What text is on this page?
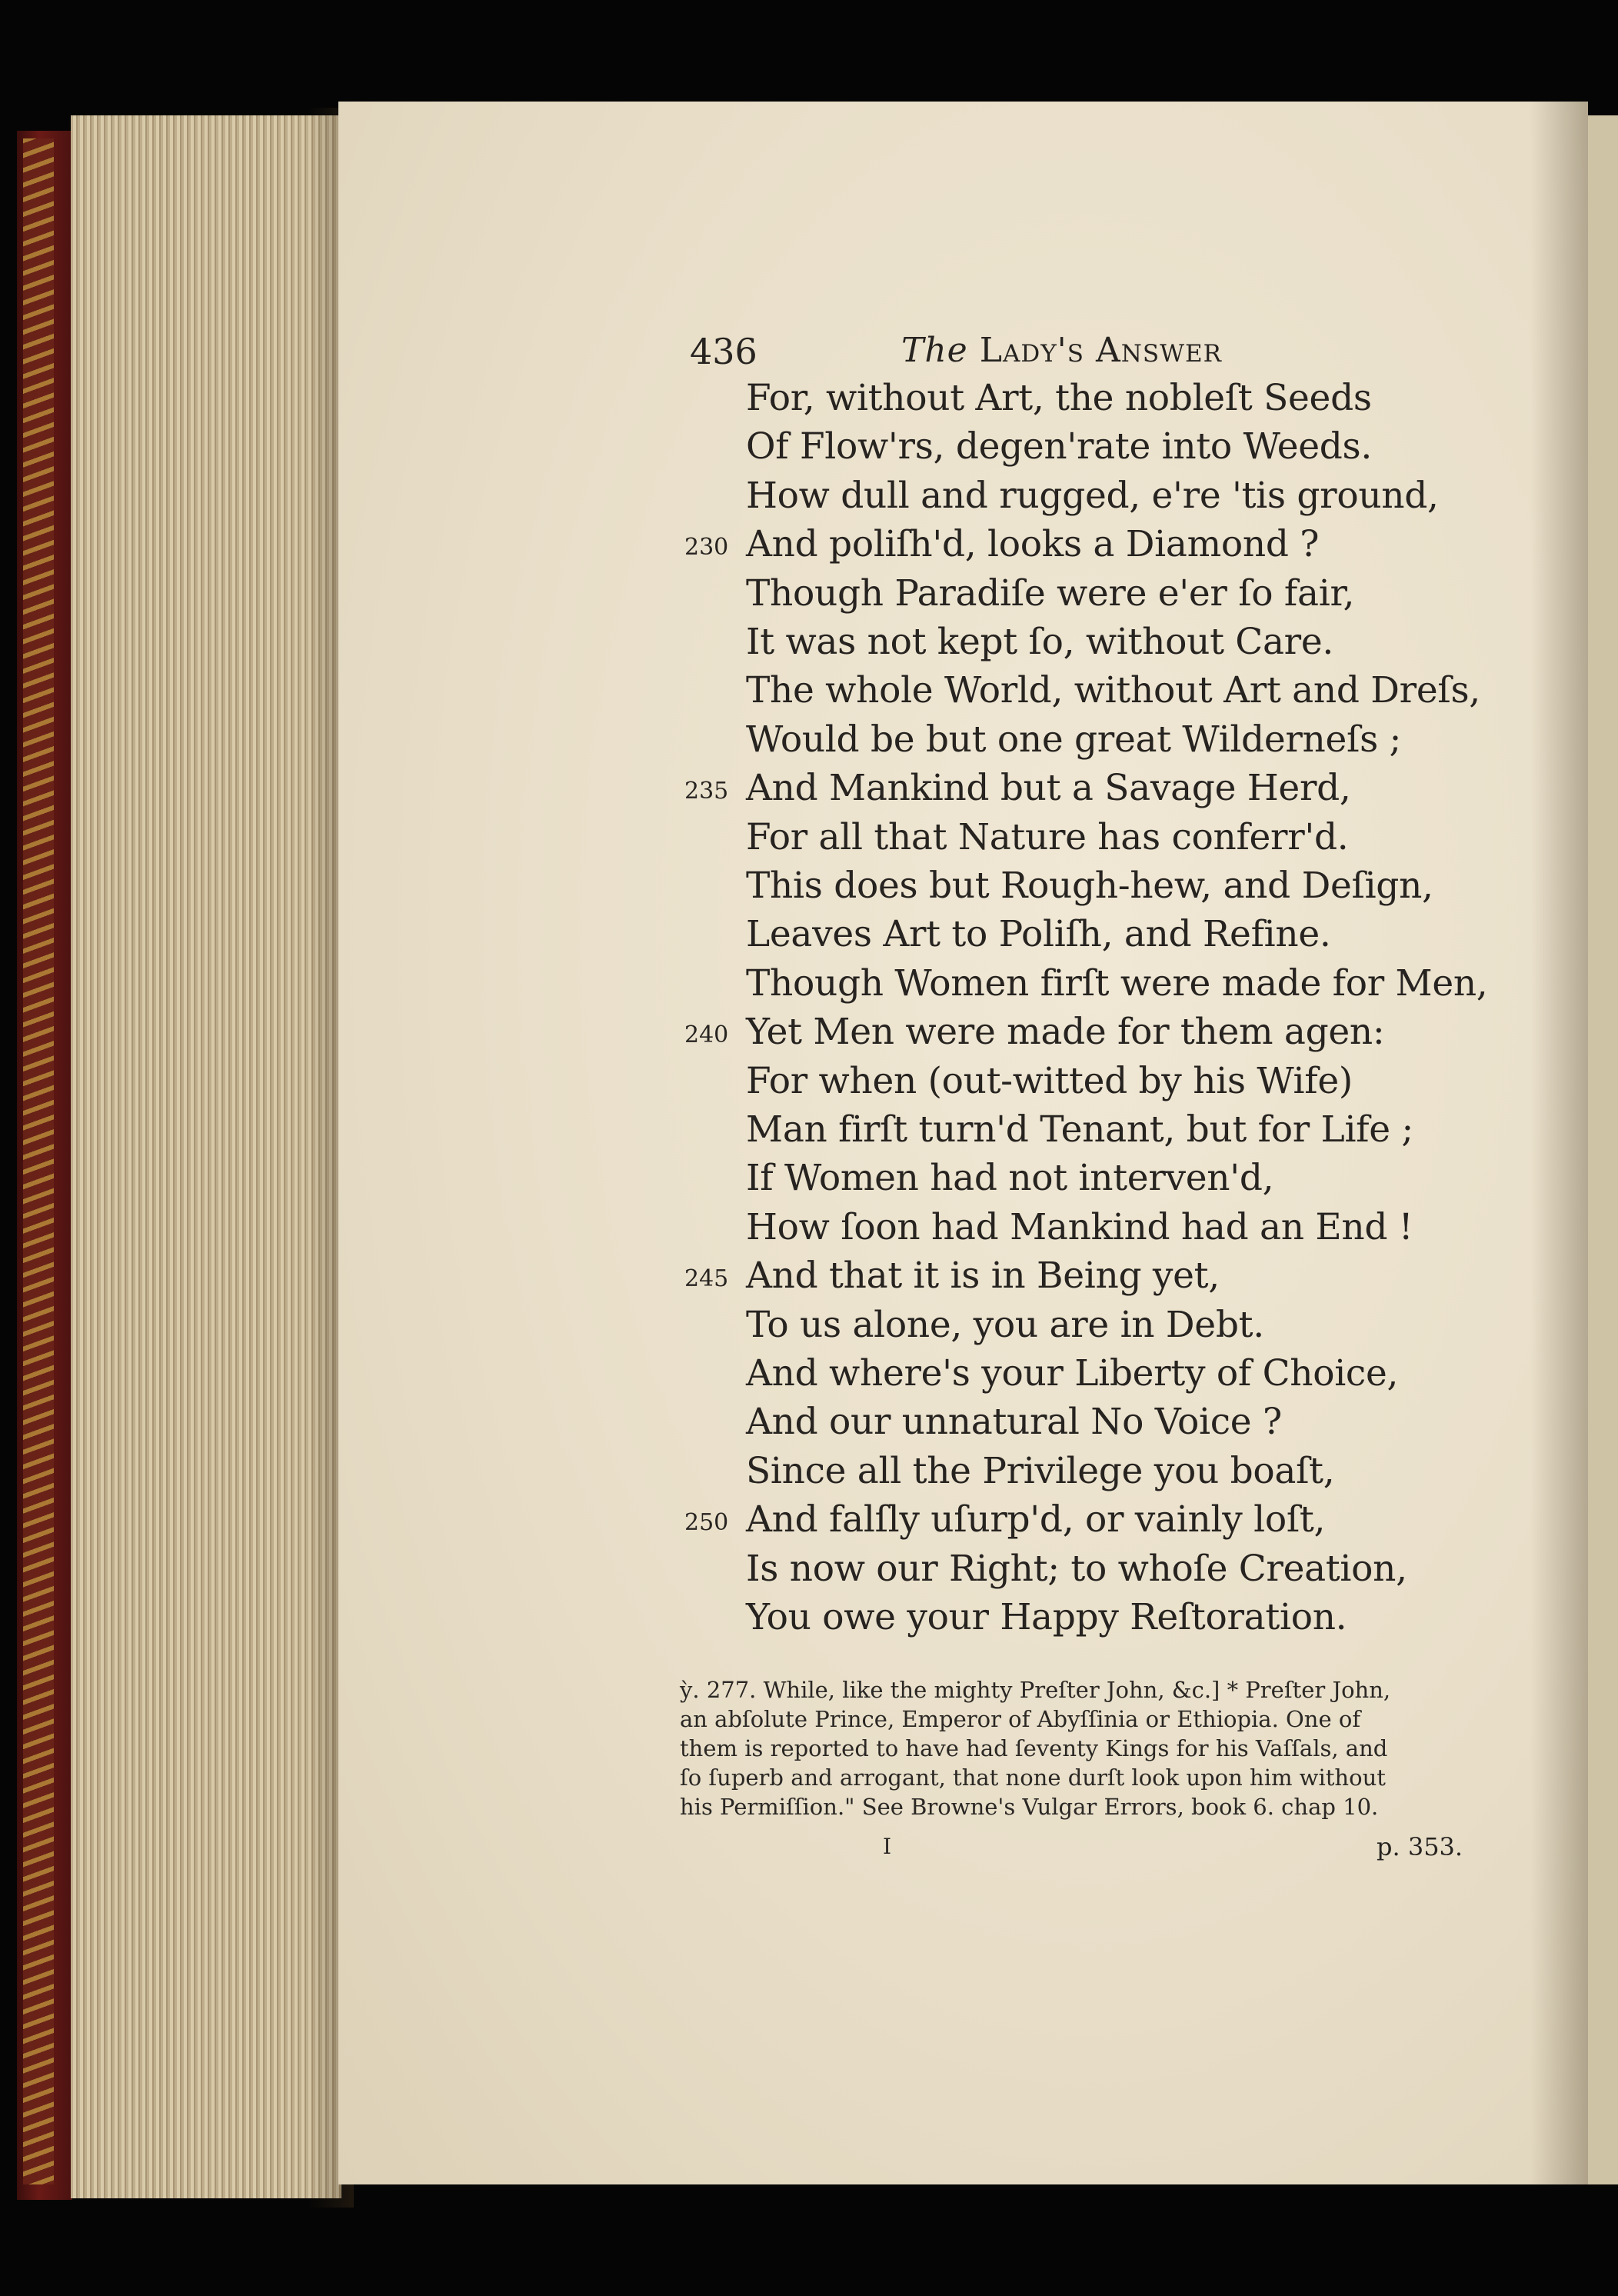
436	The Lady's Answer
For, without Art, the nobleſt Seeds
Of Flow'rs, degen'rate into Weeds.
How dull and rugged, e're 'tis ground,
And poliſh'd, looks a Diamond ?
230
Though Paradiſe were e'er ſo fair,
It was not kept ſo, without Care.
The whole World, without Art and Dreſs,
Would be but one great Wilderneſs ;
And Mankind but a Savage Herd,
235
For all that Nature has conferr'd.
This does but Rough-hew, and Deſign,
Leaves Art to Poliſh, and Refine.
Though Women firſt were made for Men,
Yet Men were made for them agen:
240
For when (out-witted by his Wife)
Man firſt turn'd Tenant, but for Life ;
If Women had not interven'd,
How ſoon had Mankind had an End !
And that it is in Being yet,
245
To us alone, you are in Debt.
And where's your Liberty of Choice,
And our unnatural No Voice ?
Since all the Privilege you boaſt,
And falſly uſurp'd, or vainly loſt,
250
Is now our Right; to whoſe Creation,
You owe your Happy Reſtoration.
ỳ. 277. While, like the mighty Preſter John, &c.] * Preſter John,
an abſolute Prince, Emperor of Abyſſinia or Ethiopia. One of
them is reported to have had ſeventy Kings for his Vaſſals, and
ſo ſuperb and arrogant, that none durſt look upon him without
his Permiſſion." See Browne's Vulgar Errors, book 6. chap 10.
I	p. 353.
